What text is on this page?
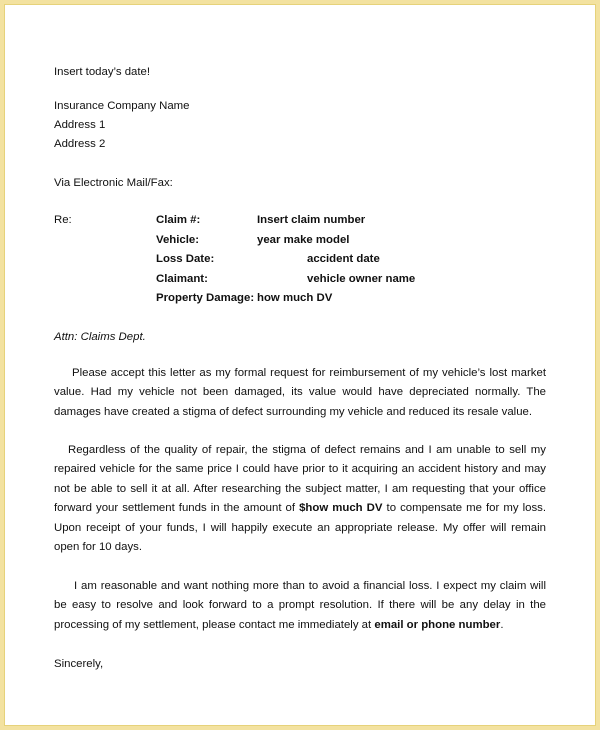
Insert today’s date!
Insurance Company Name
Address 1
Address 2
Via Electronic Mail/Fax:
Re:	Claim #:	Insert claim number
Vehicle:	year make model
Loss Date:	accident date
Claimant:	vehicle owner name
Property Damage: how much DV
Attn: Claims Dept.
Please accept this letter as my formal request for reimbursement of my vehicle’s lost market value. Had my vehicle not been damaged, its value would have depreciated normally. The damages have created a stigma of defect surrounding my vehicle and reduced its resale value.
Regardless of the quality of repair, the stigma of defect remains and I am unable to sell my repaired vehicle for the same price I could have prior to it acquiring an accident history and may not be able to sell it at all. After researching the subject matter, I am requesting that your office forward your settlement funds in the amount of $how much DV to compensate me for my loss. Upon receipt of your funds, I will happily execute an appropriate release. My offer will remain open for 10 days.
I am reasonable and want nothing more than to avoid a financial loss. I expect my claim will be easy to resolve and look forward to a prompt resolution. If there will be any delay in the processing of my settlement, please contact me immediately at email or phone number.
Sincerely,
